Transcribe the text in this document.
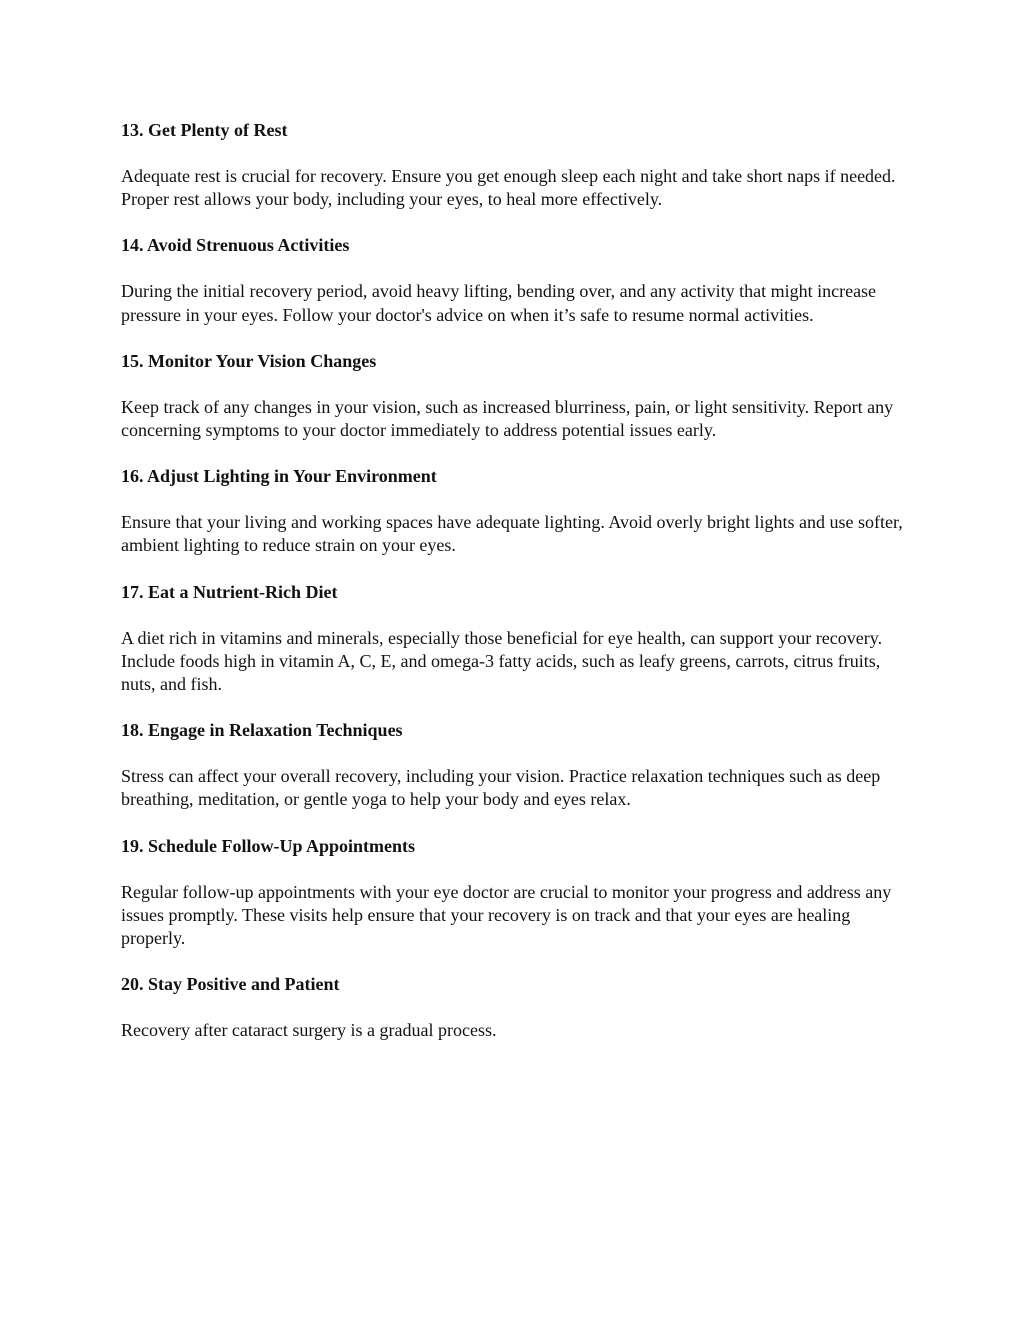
13. Get Plenty of Rest
Adequate rest is crucial for recovery. Ensure you get enough sleep each night and take short naps if needed. Proper rest allows your body, including your eyes, to heal more effectively.
14. Avoid Strenuous Activities
During the initial recovery period, avoid heavy lifting, bending over, and any activity that might increase pressure in your eyes. Follow your doctor's advice on when it’s safe to resume normal activities.
15. Monitor Your Vision Changes
Keep track of any changes in your vision, such as increased blurriness, pain, or light sensitivity. Report any concerning symptoms to your doctor immediately to address potential issues early.
16. Adjust Lighting in Your Environment
Ensure that your living and working spaces have adequate lighting. Avoid overly bright lights and use softer, ambient lighting to reduce strain on your eyes.
17. Eat a Nutrient-Rich Diet
A diet rich in vitamins and minerals, especially those beneficial for eye health, can support your recovery. Include foods high in vitamin A, C, E, and omega-3 fatty acids, such as leafy greens, carrots, citrus fruits, nuts, and fish.
18. Engage in Relaxation Techniques
Stress can affect your overall recovery, including your vision. Practice relaxation techniques such as deep breathing, meditation, or gentle yoga to help your body and eyes relax.
19. Schedule Follow-Up Appointments
Regular follow-up appointments with your eye doctor are crucial to monitor your progress and address any issues promptly. These visits help ensure that your recovery is on track and that your eyes are healing properly.
20. Stay Positive and Patient
Recovery after cataract surgery is a gradual process.
